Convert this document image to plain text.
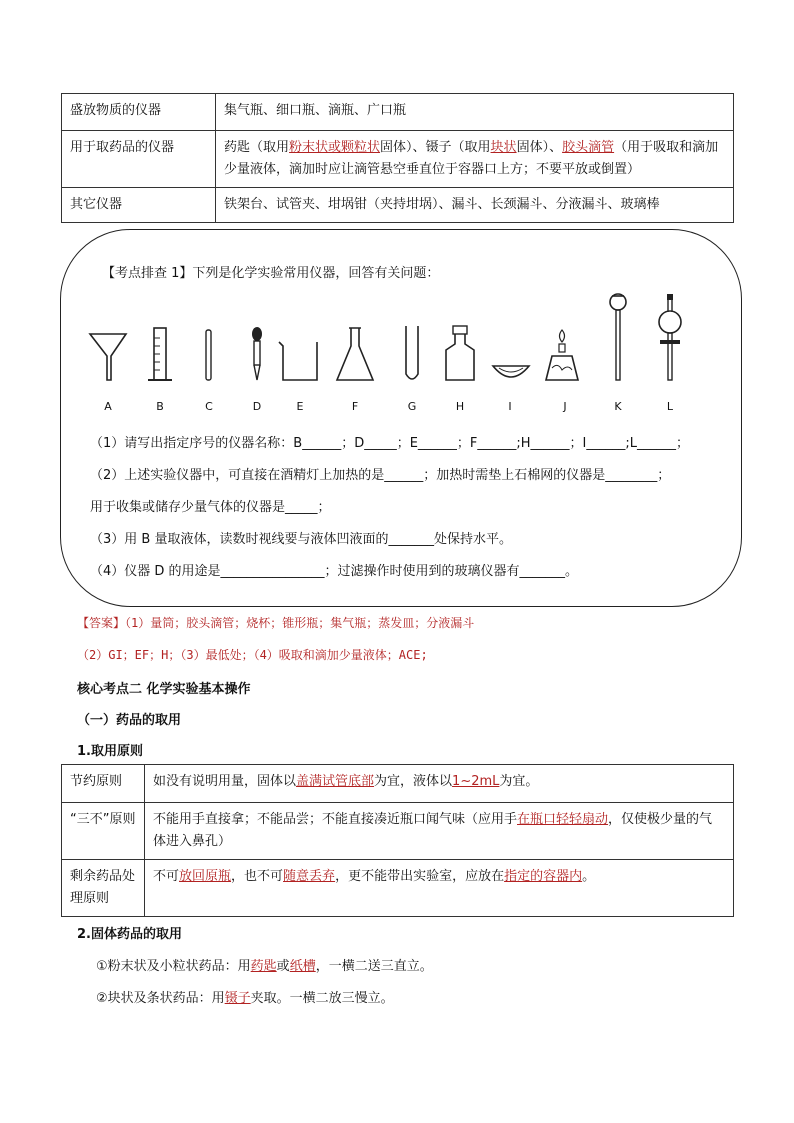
盛放物质的仪器	集气瓶、细口瓶、滴瓶、广口瓶
用于取药品的仪器	药匙（取用粉末状或颗粒状固体）、镊子（取用块状固体）、胶头滴管（用于吸取和滴加少量液体，滴加时应让滴管悬空垂直位于容器口上方；不要平放或倒置）
其它仪器	铁架台、试管夹、坩埚钳（夹持坩埚）、漏斗、长颈漏斗、分液漏斗、玻璃棒
【考点排查 1】下列是化学实验常用仪器，回答有关问题：
A	B	C	D	E	F	G	H	I	J	K	L
（1）请写出指定序号的仪器名称：B______；D_____；E______；F______;H______；I______;L______；
（2）上述实验仪器中，可直接在酒精灯上加热的是______；加热时需垫上石棉网的仪器是________；
用于收集或储存少量气体的仪器是_____；
（3）用 B 量取液体，读数时视线要与液体凹液面的_______处保持水平。
（4）仪器 D 的用途是________________；过滤操作时使用到的玻璃仪器有_______。
【答案】（1）量筒；胶头滴管；烧杯；锥形瓶；集气瓶；蒸发皿；分液漏斗
（2）GI；EF；H；（3）最低处；（4）吸取和滴加少量液体；ACE;
核心考点二 化学实验基本操作
（一）药品的取用
1.取用原则
节约原则	如没有说明用量，固体以盖满试管底部为宜，液体以1~2mL为宜。
“三不”原则	不能用手直接拿；不能品尝；不能直接凑近瓶口闻气味（应用手在瓶口轻轻扇动，仅使极少量的气体进入鼻孔）
剩余药品处理原则	不可放回原瓶，也不可随意丢弃，更不能带出实验室，应放在指定的容器内。
2.固体药品的取用
①粉末状及小粒状药品：用药匙或纸槽，一横二送三直立。
②块状及条状药品：用镊子夹取。一横二放三慢立。
